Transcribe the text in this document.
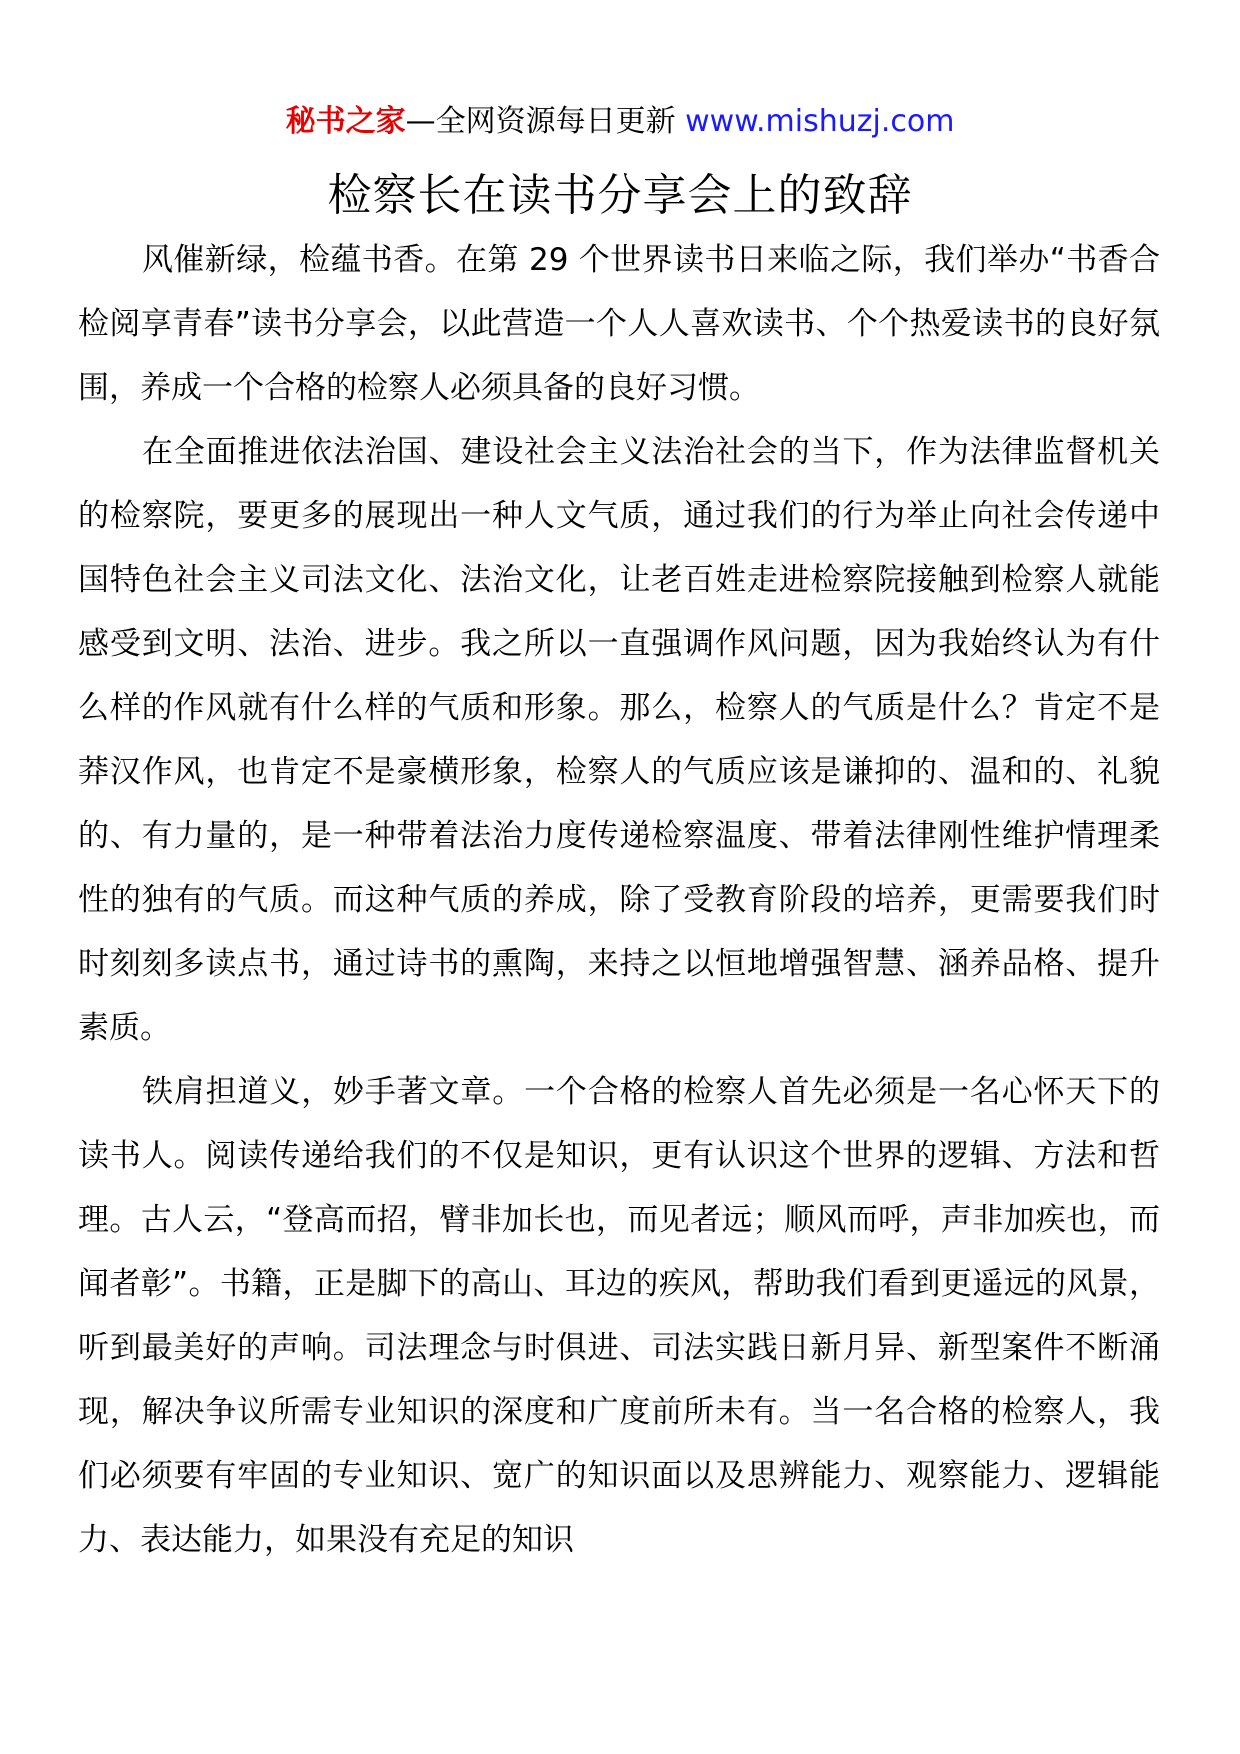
秘书之家—全网资源每日更新 www.mishuzj.com
检察长在读书分享会上的致辞

风催新绿，检蕴书香。在第 29 个世界读书日来临之际，我们举办“书香合检阅享青春”读书分享会，以此营造一个人人喜欢读书、个个热爱读书的良好氛围，养成一个合格的检察人必须具备的良好习惯。

在全面推进依法治国、建设社会主义法治社会的当下，作为法律监督机关的检察院，要更多的展现出一种人文气质，通过我们的行为举止向社会传递中国特色社会主义司法文化、法治文化，让老百姓走进检察院接触到检察人就能感受到文明、法治、进步。我之所以一直强调作风问题，因为我始终认为有什么样的作风就有什么样的气质和形象。那么，检察人的气质是什么？肯定不是莽汉作风，也肯定不是豪横形象，检察人的气质应该是谦抑的、温和的、礼貌的、有力量的，是一种带着法治力度传递检察温度、带着法律刚性维护情理柔性的独有的气质。而这种气质的养成，除了受教育阶段的培养，更需要我们时时刻刻多读点书，通过诗书的熏陶，来持之以恒地增强智慧、涵养品格、提升素质。

铁肩担道义，妙手著文章。一个合格的检察人首先必须是一名心怀天下的读书人。阅读传递给我们的不仅是知识，更有认识这个世界的逻辑、方法和哲理。古人云，“登高而招，臂非加长也，而见者远；顺风而呼，声非加疾也，而闻者彰”。书籍，正是脚下的高山、耳边的疾风，帮助我们看到更遥远的风景，听到最美好的声响。司法理念与时俱进、司法实践日新月异、新型案件不断涌现，解决争议所需专业知识的深度和广度前所未有。当一名合格的检察人，我们必须要有牢固的专业知识、宽广的知识面以及思辨能力、观察能力、逻辑能力、表达能力，如果没有充足的知识
